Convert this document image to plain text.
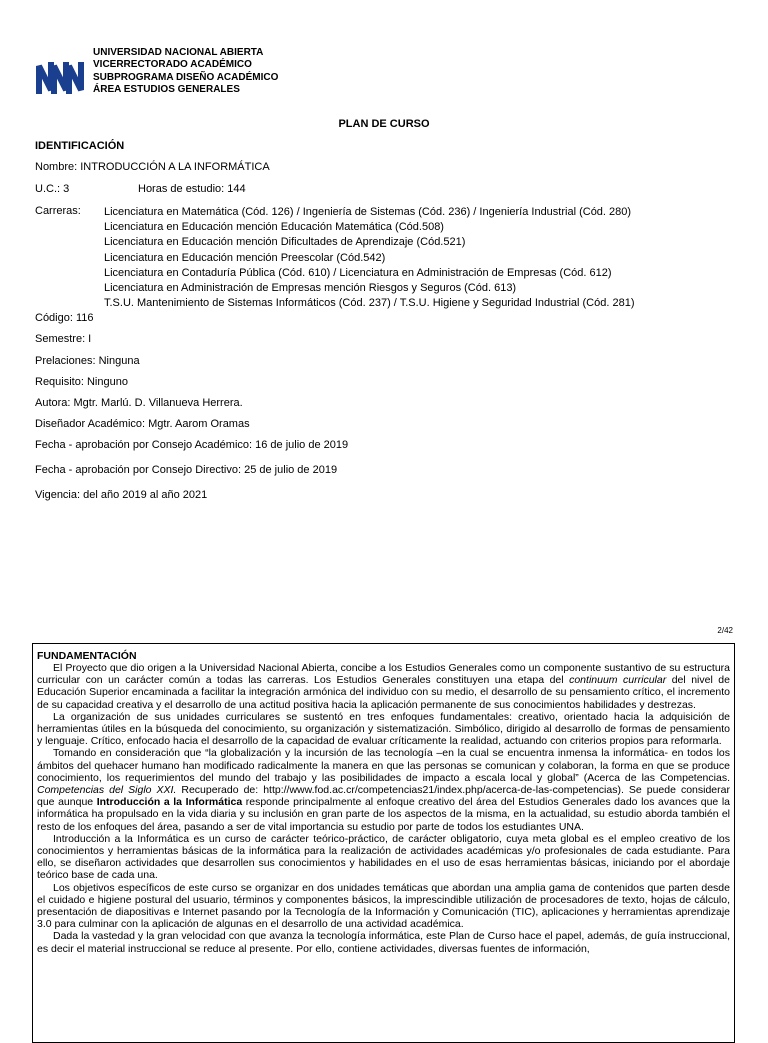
UNIVERSIDAD NACIONAL ABIERTA
VICERRECTORADO ACADÉMICO
SUBPROGRAMA DISEÑO ACADÉMICO
ÁREA ESTUDIOS GENERALES
PLAN DE CURSO
IDENTIFICACIÓN
Nombre: INTRODUCCIÓN A LA INFORMÁTICA
U.C.: 3	Horas de estudio: 144
Carreras: Licenciatura en Matemática (Cód. 126) / Ingeniería de Sistemas (Cód. 236) / Ingeniería Industrial (Cód. 280)
Licenciatura en Educación mención Educación Matemática (Cód.508)
Licenciatura en Educación mención Dificultades de Aprendizaje (Cód.521)
Licenciatura en Educación mención Preescolar (Cód.542)
Licenciatura en Contaduría Pública (Cód. 610) / Licenciatura en Administración de Empresas (Cód. 612)
Licenciatura en Administración de Empresas mención Riesgos y Seguros (Cód. 613)
T.S.U. Mantenimiento de Sistemas Informáticos (Cód. 237) / T.S.U. Higiene y Seguridad Industrial (Cód. 281)
Código: 116
Semestre: I
Prelaciones: Ninguna
Requisito: Ninguno
Autora: Mgtr. Marlú. D. Villanueva Herrera.
Diseñador Académico: Mgtr. Aarom Oramas
Fecha - aprobación por Consejo Académico: 16 de julio de 2019
Fecha - aprobación por Consejo Directivo: 25 de julio de 2019
Vigencia: del año 2019 al año 2021
2/42
FUNDAMENTACIÓN

El Proyecto que dio origen a la Universidad Nacional Abierta, concibe a los Estudios Generales como un componente sustantivo de su estructura curricular con un carácter común a todas las carreras. Los Estudios Generales constituyen una etapa del continuum curricular del nivel de Educación Superior encaminada a facilitar la integración armónica del individuo con su medio, el desarrollo de su pensamiento crítico, el incremento de su capacidad creativa y el desarrollo de una actitud positiva hacia la aplicación permanente de sus conocimientos habilidades y destrezas.

La organización de sus unidades curriculares se sustentó en tres enfoques fundamentales: creativo, orientado hacia la adquisición de herramientas útiles en la búsqueda del conocimiento, su organización y sistematización. Simbólico, dirigido al desarrollo de formas de pensamiento y lenguaje. Crítico, enfocado hacia el desarrollo de la capacidad de evaluar críticamente la realidad, actuando con criterios propios para reformarla.

Tomando en consideración que “la globalización y la incursión de las tecnología –en la cual se encuentra inmensa la informática- en todos los ámbitos del quehacer humano han modificado radicalmente la manera en que las personas se comunican y colaboran, la forma en que se produce conocimiento, los requerimientos del mundo del trabajo y las posibilidades de impacto a escala local y global” (Acerca de las Competencias. Competencias del Siglo XXI. Recuperado de: http://www.fod.ac.cr/competencias21/index.php/acerca-de-las-competencias). Se puede considerar que aunque Introducción a la Informática responde principalmente al enfoque creativo del área del Estudios Generales dado los avances que la informática ha propulsado en la vida diaria y su inclusión en gran parte de los aspectos de la misma, en la actualidad, su estudio aborda también el resto de los enfoques del área, pasando a ser de vital importancia su estudio por parte de todos los estudiantes UNA.

Introducción a la Informática es un curso de carácter teórico-práctico, de carácter obligatorio, cuya meta global es el empleo creativo de los conocimientos y herramientas básicas de la informática para la realización de actividades académicas y/o profesionales de cada estudiante. Para ello, se diseñaron actividades que desarrollen sus conocimientos y habilidades en el uso de esas herramientas básicas, iniciando por el abordaje teórico base de cada una.

Los objetivos específicos de este curso se organizar en dos unidades temáticas que abordan una amplia gama de contenidos que parten desde el cuidado e higiene postural del usuario, términos y componentes básicos, la imprescindible utilización de procesadores de texto, hojas de cálculo, presentación de diapositivas e Internet pasando por la Tecnología de la Información y Comunicación (TIC), aplicaciones y herramientas aprendizaje 3.0 para culminar con la aplicación de algunas en el desarrollo de una actividad académica.

Dada la vastedad y la gran velocidad con que avanza la tecnología informática, este Plan de Curso hace el papel, además, de guía instruccional, es decir el material instruccional se reduce al presente. Por ello, contiene actividades, diversas fuentes de información,
